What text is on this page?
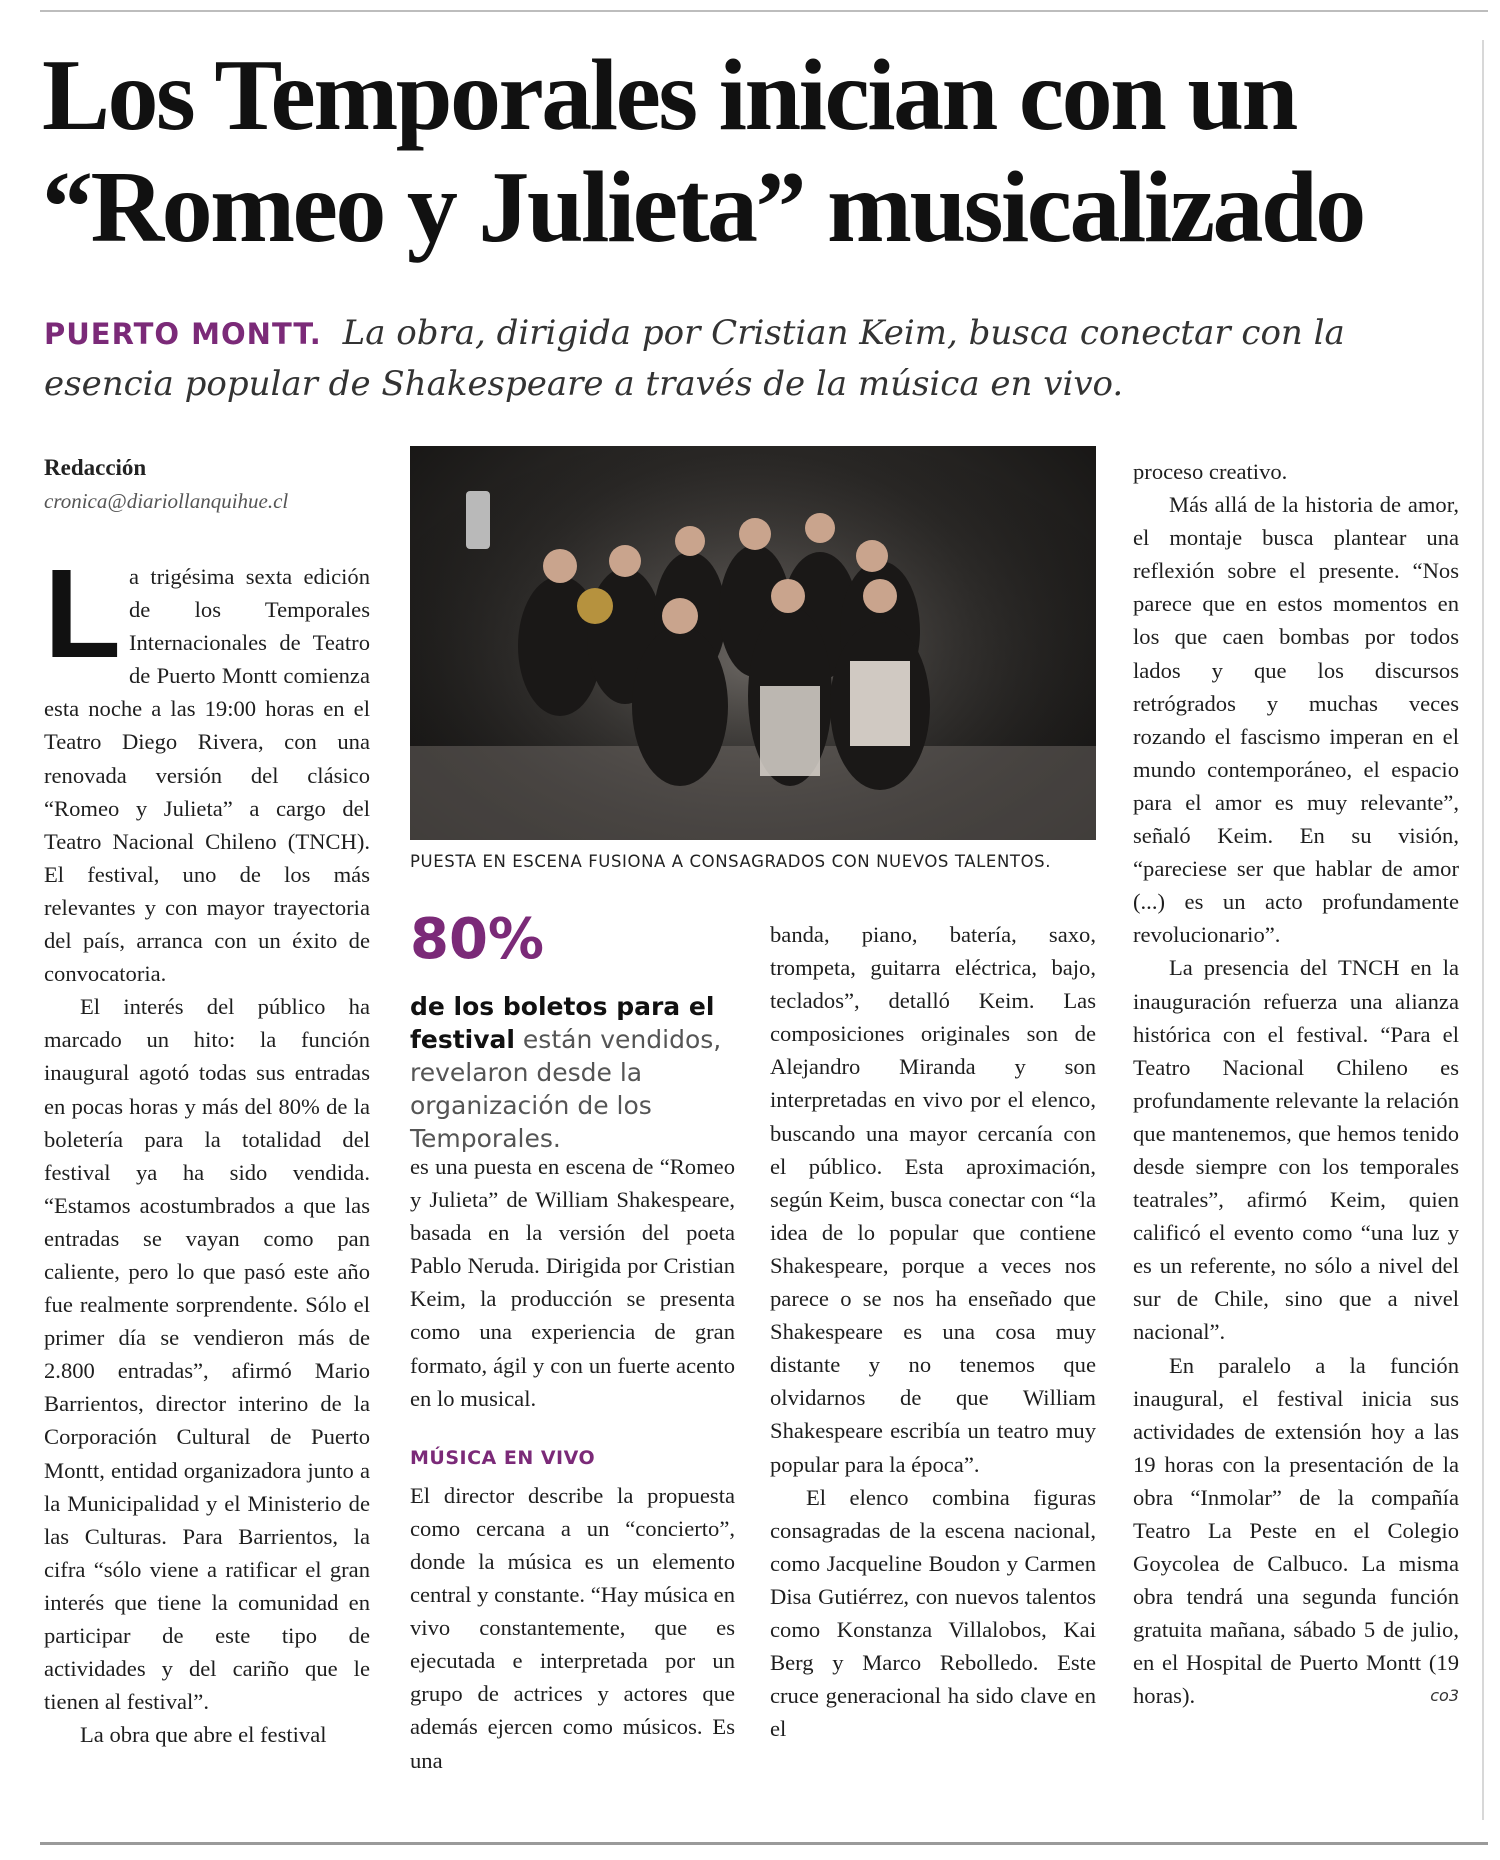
Los Temporales inician con un
“Romeo y Julieta” musicalizado

PUERTO MONTT. La obra, dirigida por Cristian Keim, busca conectar con la esencia popular de Shakespeare a través de la música en vivo.

Redacción
cronica@diariollanquihue.cl

La trigésima sexta edición de los Temporales Internacionales de Teatro de Puerto Montt comienza esta noche a las 19:00 horas en el Teatro Diego Rivera, con una renovada versión del clásico “Romeo y Julieta” a cargo del Teatro Nacional Chileno (TNCH). El festival, uno de los más relevantes y con mayor trayectoria del país, arranca con un éxito de convocatoria.

El interés del público ha marcado un hito: la función inaugural agotó todas sus entradas en pocas horas y más del 80% de la boletería para la totalidad del festival ya ha sido vendida. “Estamos acostumbrados a que las entradas se vayan como pan caliente, pero lo que pasó este año fue realmente sorprendente. Sólo el primer día se vendieron más de 2.800 entradas”, afirmó Mario Barrientos, director interino de la Corporación Cultural de Puerto Montt, entidad organizadora junto a la Municipalidad y el Ministerio de las Culturas. Para Barrientos, la cifra “sólo viene a ratificar el gran interés que tiene la comunidad en participar de este tipo de actividades y del cariño que le tienen al festival”.

La obra que abre el festival

PUESTA EN ESCENA FUSIONA A CONSAGRADOS CON NUEVOS TALENTOS.
80%
de los boletos para el festival están vendidos, revelaron desde la organización de los Temporales.

es una puesta en escena de “Romeo y Julieta” de William Shakespeare, basada en la versión del poeta Pablo Neruda. Dirigida por Cristian Keim, la producción se presenta como una experiencia de gran formato, ágil y con un fuerte acento en lo musical.

MÚSICA EN VIVO

El director describe la propuesta como cercana a un “concierto”, donde la música es un elemento central y constante. “Hay música en vivo constantemente, que es ejecutada e interpretada por un grupo de actrices y actores que además ejercen como músicos. Es una

banda, piano, batería, saxo, trompeta, guitarra eléctrica, bajo, teclados”, detalló Keim. Las composiciones originales son de Alejandro Miranda y son interpretadas en vivo por el elenco, buscando una mayor cercanía con el público. Esta aproximación, según Keim, busca conectar con “la idea de lo popular que contiene Shakespeare, porque a veces nos parece o se nos ha enseñado que Shakespeare es una cosa muy distante y no tenemos que olvidarnos de que William Shakespeare escribía un teatro muy popular para la época”.

El elenco combina figuras consagradas de la escena nacional, como Jacqueline Boudon y Carmen Disa Gutiérrez, con nuevos talentos como Konstanza Villalobos, Kai Berg y Marco Rebolledo. Este cruce generacional ha sido clave en el

proceso creativo.

Más allá de la historia de amor, el montaje busca plantear una reflexión sobre el presente. “Nos parece que en estos momentos en los que caen bombas por todos lados y que los discursos retrógrados y muchas veces rozando el fascismo imperan en el mundo contemporáneo, el espacio para el amor es muy relevante”, señaló Keim. En su visión, “pareciese ser que hablar de amor (...) es un acto profundamente revolucionario”.

La presencia del TNCH en la inauguración refuerza una alianza histórica con el festival. “Para el Teatro Nacional Chileno es profundamente relevante la relación que mantenemos, que hemos tenido desde siempre con los temporales teatrales”, afirmó Keim, quien calificó el evento como “una luz y es un referente, no sólo a nivel del sur de Chile, sino que a nivel nacional”.

En paralelo a la función inaugural, el festival inicia sus actividades de extensión hoy a las 19 horas con la presentación de la obra “Inmolar” de la compañía Teatro La Peste en el Colegio Goycolea de Calbuco. La misma obra tendrá una segunda función gratuita mañana, sábado 5 de julio, en el Hospital de Puerto Montt (19 horas).	co3
